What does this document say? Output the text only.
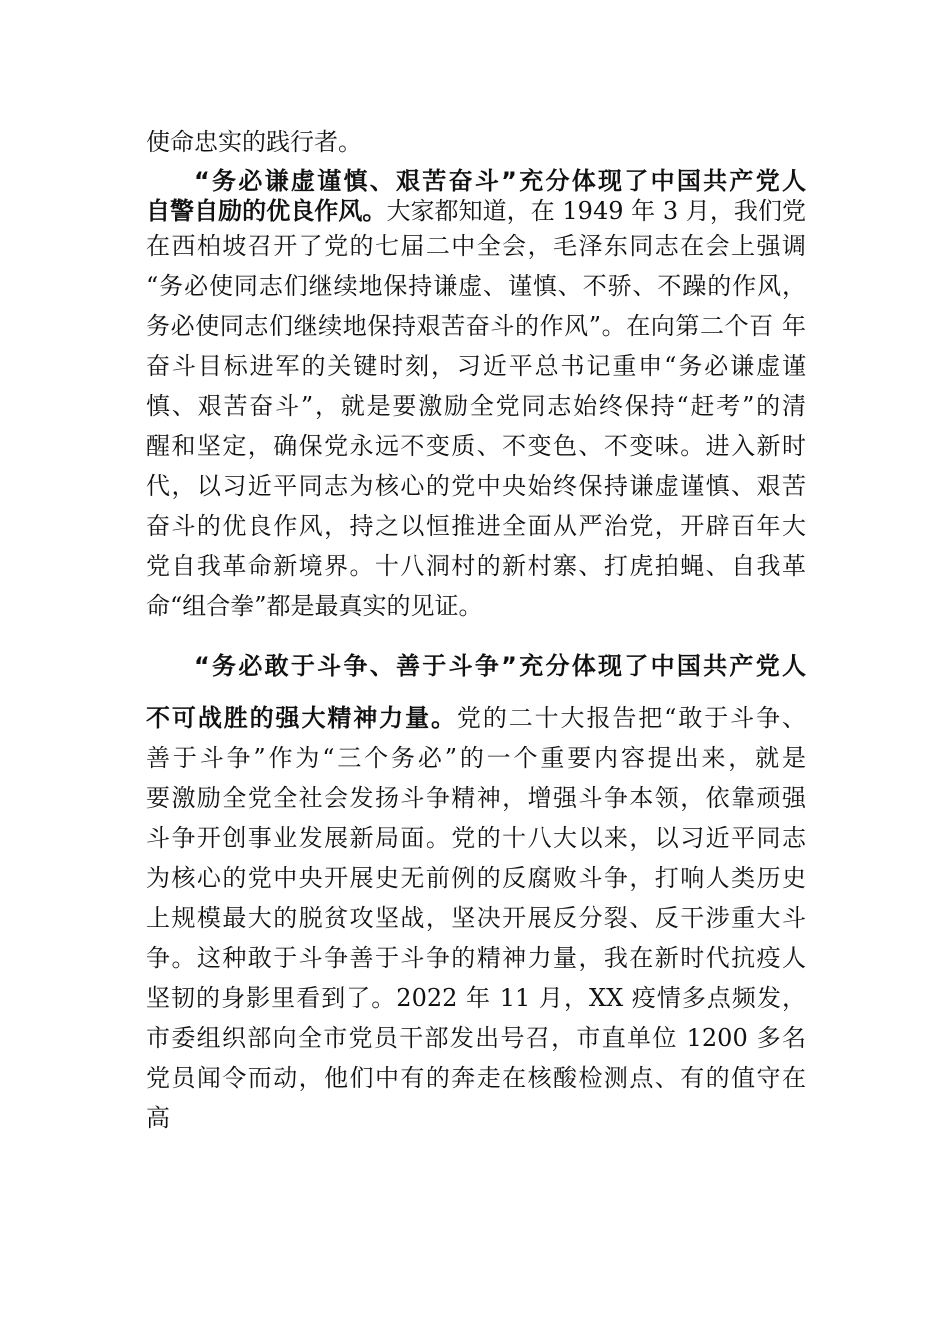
使命忠实的践行者。
“务必谦虚谨慎、艰苦奋斗”充分体现了中国共产党人
自警自励的优良作风。大家都知道，在 1949 年 3 月，我们党
在西柏坡召开了党的七届二中全会，毛泽东同志在会上强调
“务必使同志们继续地保持谦虚、谨慎、不骄、不躁的作风，
务必使同志们继续地保持艰苦奋斗的作风”。在向第二个百 年
奋斗目标进军的关键时刻，习近平总书记重申“务必谦虚谨
慎、艰苦奋斗”，就是要激励全党同志始终保持“赶考”的清
醒和坚定，确保党永远不变质、不变色、不变味。进入新时
代，以习近平同志为核心的党中央始终保持谦虚谨慎、艰苦
奋斗的优良作风，持之以恒推进全面从严治党，开辟百年大
党自我革命新境界。十八洞村的新村寨、打虎拍蝇、自我革
命“组合拳”都是最真实的见证。
“务必敢于斗争、善于斗争”充分体现了中国共产党人
不可战胜的强大精神力量。党的二十大报告把“敢于斗争、
善于斗争”作为“三个务必”的一个重要内容提出来，就是
要激励全党全社会发扬斗争精神，增强斗争本领，依靠顽强
斗争开创事业发展新局面。党的十八大以来，以习近平同志
为核心的党中央开展史无前例的反腐败斗争，打响人类历史
上规模最大的脱贫攻坚战，坚决开展反分裂、反干涉重大斗
争。这种敢于斗争善于斗争的精神力量，我在新时代抗疫人
坚韧的身影里看到了。2022 年 11 月，XX 疫情多点频发，
市委组织部向全市党员干部发出号召，市直单位 1200 多名
党员闻令而动，他们中有的奔走在核酸检测点、有的值守在
高
